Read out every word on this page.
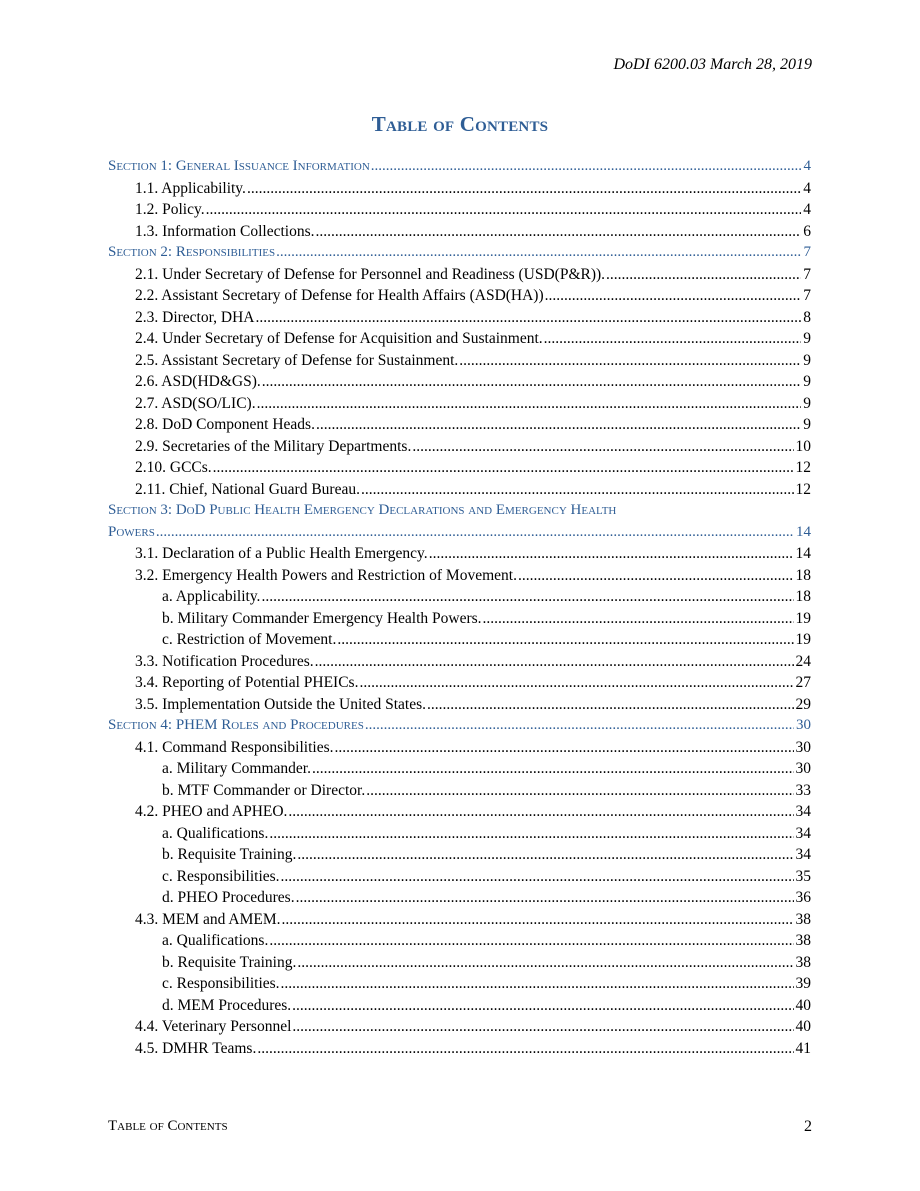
DoDI 6200.03 March 28, 2019
Table of Contents
Section 1: General Issuance Information .....	4
1.1. Applicability. .....	4
1.2. Policy. .....	4
1.3. Information Collections. .....	6
Section 2: Responsibilities .....	7
2.1. Under Secretary of Defense for Personnel and Readiness (USD(P&R)). .....	7
2.2. Assistant Secretary of Defense for Health Affairs (ASD(HA)) .....	7
2.3. Director, DHA .....	8
2.4. Under Secretary of Defense for Acquisition and Sustainment. .....	9
2.5. Assistant Secretary of Defense for Sustainment. .....	9
2.6. ASD(HD&GS). .....	9
2.7. ASD(SO/LIC). .....	9
2.8. DoD Component Heads. .....	9
2.9. Secretaries of the Military Departments. .....	10
2.10. GCCs. .....	12
2.11. Chief, National Guard Bureau. .....	12
Section 3: DoD Public Health Emergency Declarations and Emergency Health
Powers .....	14
3.1. Declaration of a Public Health Emergency. .....	14
3.2. Emergency Health Powers and Restriction of Movement. .....	18
a. Applicability. .....	18
b. Military Commander Emergency Health Powers. .....	19
c. Restriction of Movement. .....	19
3.3. Notification Procedures. .....	24
3.4. Reporting of Potential PHEICs. .....	27
3.5. Implementation Outside the United States. .....	29
Section 4: PHEM Roles and Procedures .....	30
4.1. Command Responsibilities. .....	30
a. Military Commander. .....	30
b. MTF Commander or Director. .....	33
4.2. PHEO and APHEO. .....	34
a. Qualifications. .....	34
b. Requisite Training. .....	34
c. Responsibilities. .....	35
d. PHEO Procedures. .....	36
4.3. MEM and AMEM. .....	38
a. Qualifications. .....	38
b. Requisite Training. .....	38
c. Responsibilities. .....	39
d. MEM Procedures. .....	40
4.4. Veterinary Personnel .....	40
4.5. DMHR Teams. .....	41
Table of Contents	2
